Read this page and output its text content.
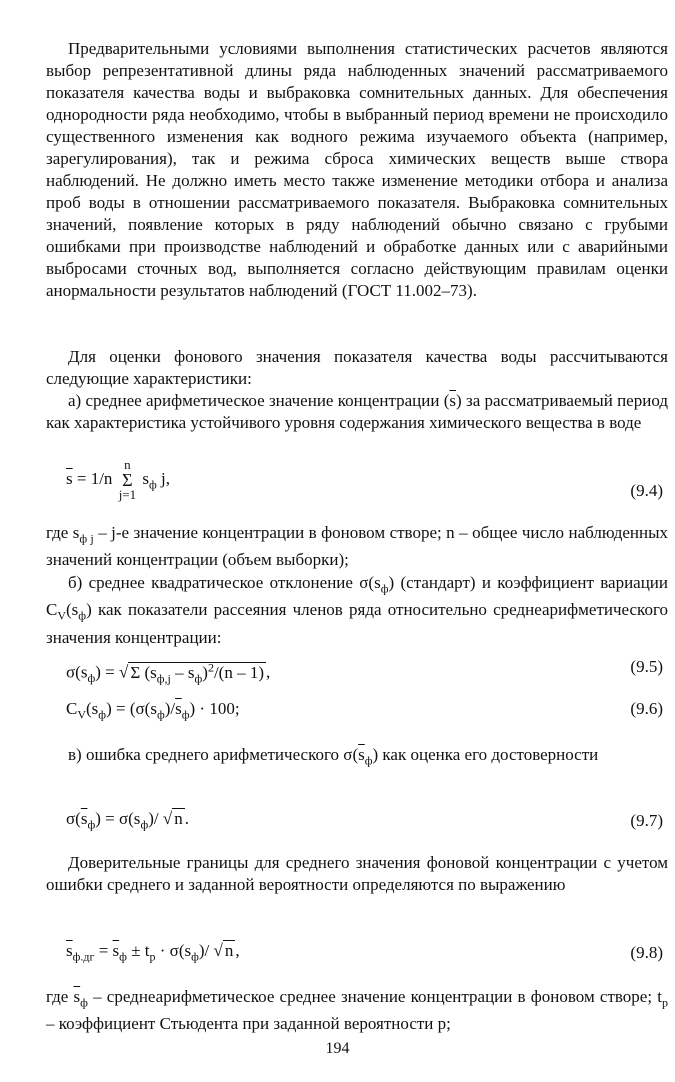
Предварительными условиями выполнения статистических расчетов являются выбор репрезентативной длины ряда наблюденных значений рассматриваемого показателя качества воды и выбраковка сомнительных данных. Для обеспечения однородности ряда необходимо, чтобы в выбранный период времени не происходило существенного изменения как водного режима изучаемого объекта (например, зарегулирования), так и режима сброса химических веществ выше створа наблюдений. Не должно иметь место также изменение методики отбора и анализа проб воды в отношении рассматриваемого показателя. Выбраковка сомнительных значений, появление которых в ряду наблюдений обычно связано с грубыми ошибками при производстве наблюдений и обработке данных или с аварийными выбросами сточных вод, выполняется согласно действующим правилам оценки анормальности результатов наблюдений (ГОСТ 11.002–73).

Для оценки фонового значения показателя качества воды рассчитываются следующие характеристики:

а) среднее арифметическое значение концентрации $(\overline{s})$ за рассматриваемый период как характеристика устойчивого уровня содержания химического вещества в воде

$\overline{s} = 1/n$
n
Σ
j=1
$s_ф$ j,
(9.4)

где $s_{ф j} - j-е$ значение концентрации в фоновом створе; n – общее число наблюденных значений концентрации (объем выборки);

б) среднее квадратическое отклонение $\sigma(s_ф)$ (стандарт) и коэффициент вариации $C_V(s_ф)$ как показатели рассеяния членов ряда относительно среднеарифметического значения концентрации:

$\sigma(s_ф)$ = √ Σ $(s_{ф,j} - \overline{s}_ф)^2/(n - 1)$ ,	(9.5)
$C_V(s_ф) = (\sigma(s_ф)/\overline{s}_ф) \cdot 100$;	(9.6)

в) ошибка среднего арифметического $\sigma(\overline{s}_ф)$ как оценка его достоверности

$\sigma(\overline{s}_ф) = \sigma(s_ф)/$ √ n .	(9.7)

Доверительные границы для среднего значения фоновой концентрации с учетом ошибки среднего и заданной вероятности определяются по выражению

$\overline{s}_{ф.дг} = \overline{s}_ф \pm t_p \cdot \sigma(s_ф)/$ √ n ,	(9.8)

где $\overline{s}_ф$ – среднеарифметическое среднее значение концентрации в фоновом створе; $t_p$ – коэффициент Стьюдента при заданной вероятности p;

194
